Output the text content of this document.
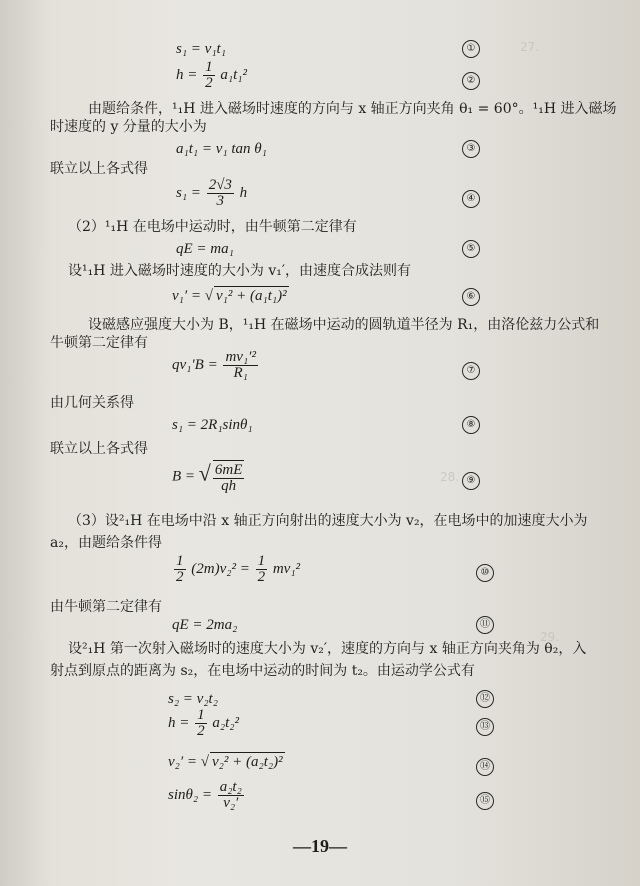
27.
28.
29.
s₁ = v₁t₁	①
$h = \frac{1}{2} a_1t_1^2$	②
由题给条件，¹₁H 进入磁场时速度的方向与 x 轴正方向夹角 θ₁ = 60°。¹₁H 进入磁场
时速度的 y 分量的大小为
a₁t₁ = v₁ tan θ₁	③
联立以上各式得
$s_1 = \frac{2√3}{3}$ h	④
（2）¹₁H 在电场中运动时，由牛顿第二定律有
qE = ma₁	⑤
设¹₁H 进入磁场时速度的大小为 v₁′，由速度合成法则有
v₁′ = √ v₁² + (a₁t₁)²	⑥
设磁感应强度大小为 B，¹₁H 在磁场中运动的圆轨道半径为 R₁，由洛伦兹力公式和
牛顿第二定律有
$qv_1'B = \frac{\text{mv₁′²}}{\text{R₁}}$	⑦
由几何关系得
s₁ = 2R₁sinθ₁	⑧
联立以上各式得
B = √ $\frac{6mE}{qh}$	⑨
（3）设²₁H 在电场中沿 x 轴正方向射出的速度大小为 v₂，在电场中的加速度大小为
a₂，由题给条件得
$\frac{1}{2} (2m)v_2^2 = \frac{1}{2} mv_1^2$	⑩
由牛顿第二定律有
qE = 2ma₂	⑪
设²₁H 第一次射入磁场时的速度大小为 v₂′，速度的方向与 x 轴正方向夹角为 θ₂，入
射点到原点的距离为 s₂，在电场中运动的时间为 t₂。由运动学公式有
s₂ = v₂t₂	⑫
$h = \frac{1}{2} a_2t_2^2$	⑬
v₂′ = √ v₂² + (a₂t₂)²	⑭
$\sin\theta_2 = \frac{\text{a₂t₂}}{\text{v₂′}}$	⑮
—19—
